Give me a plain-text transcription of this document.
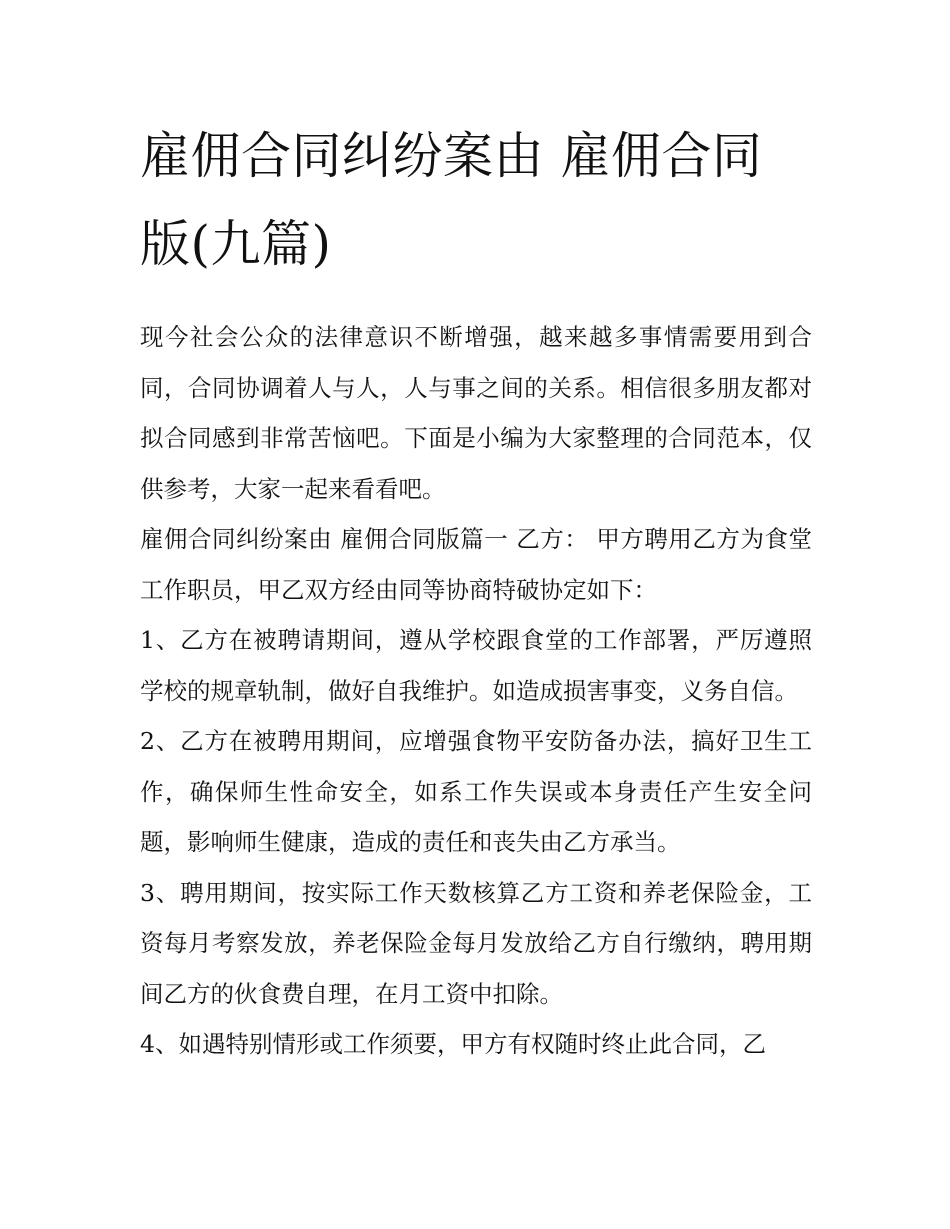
雇佣合同纠纷案由 雇佣合同版(九篇)

现今社会公众的法律意识不断增强，越来越多事情需要用到合同，合同协调着人与人，人与事之间的关系。相信很多朋友都对拟合同感到非常苦恼吧。下面是小编为大家整理的合同范本，仅供参考，大家一起来看看吧。

雇佣合同纠纷案由 雇佣合同版篇一 乙方： 甲方聘用乙方为食堂工作职员，甲乙双方经由同等协商特破协定如下：

1、乙方在被聘请期间，遵从学校跟食堂的工作部署，严厉遵照学校的规章轨制，做好自我维护。如造成损害事变，义务自信。

2、乙方在被聘用期间，应增强食物平安防备办法，搞好卫生工作，确保师生性命安全，如系工作失误或本身责任产生安全问题，影响师生健康，造成的责任和丧失由乙方承当。

3、聘用期间，按实际工作天数核算乙方工资和养老保险金，工资每月考察发放，养老保险金每月发放给乙方自行缴纳，聘用期间乙方的伙食费自理，在月工资中扣除。

4、如遇特别情形或工作须要，甲方有权随时终止此合同，乙
